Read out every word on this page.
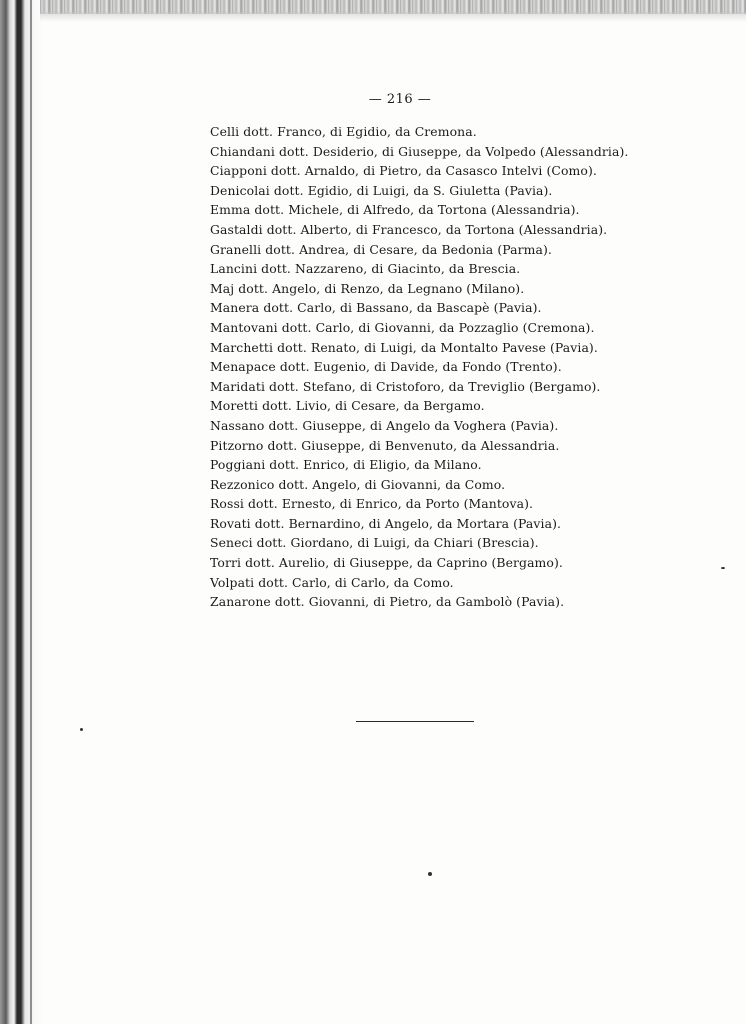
— 216 —
Celli dott. Franco, di Egidio, da Cremona.
Chiandani dott. Desiderio, di Giuseppe, da Volpedo (Alessandria).
Ciapponi dott. Arnaldo, di Pietro, da Casasco Intelvi (Como).
Denicolai dott. Egidio, di Luigi, da S. Giuletta (Pavia).
Emma dott. Michele, di Alfredo, da Tortona (Alessandria).
Gastaldi dott. Alberto, di Francesco, da Tortona (Alessandria).
Granelli dott. Andrea, di Cesare, da Bedonia (Parma).
Lancini dott. Nazzareno, di Giacinto, da Brescia.
Maj dott. Angelo, di Renzo, da Legnano (Milano).
Manera dott. Carlo, di Bassano, da Bascapè (Pavia).
Mantovani dott. Carlo, di Giovanni, da Pozzaglio (Cremona).
Marchetti dott. Renato, di Luigi, da Montalto Pavese (Pavia).
Menapace dott. Eugenio, di Davide, da Fondo (Trento).
Maridati dott. Stefano, di Cristoforo, da Treviglio (Bergamo).
Moretti dott. Livio, di Cesare, da Bergamo.
Nassano dott. Giuseppe, di Angelo da Voghera (Pavia).
Pitzorno dott. Giuseppe, di Benvenuto, da Alessandria.
Poggiani dott. Enrico, di Eligio, da Milano.
Rezzonico dott. Angelo, di Giovanni, da Como.
Rossi dott. Ernesto, di Enrico, da Porto (Mantova).
Rovati dott. Bernardino, di Angelo, da Mortara (Pavia).
Seneci dott. Giordano, di Luigi, da Chiari (Brescia).
Torri dott. Aurelio, di Giuseppe, da Caprino (Bergamo).
Volpati dott. Carlo, di Carlo, da Como.
Zanarone dott. Giovanni, di Pietro, da Gambolò (Pavia).
